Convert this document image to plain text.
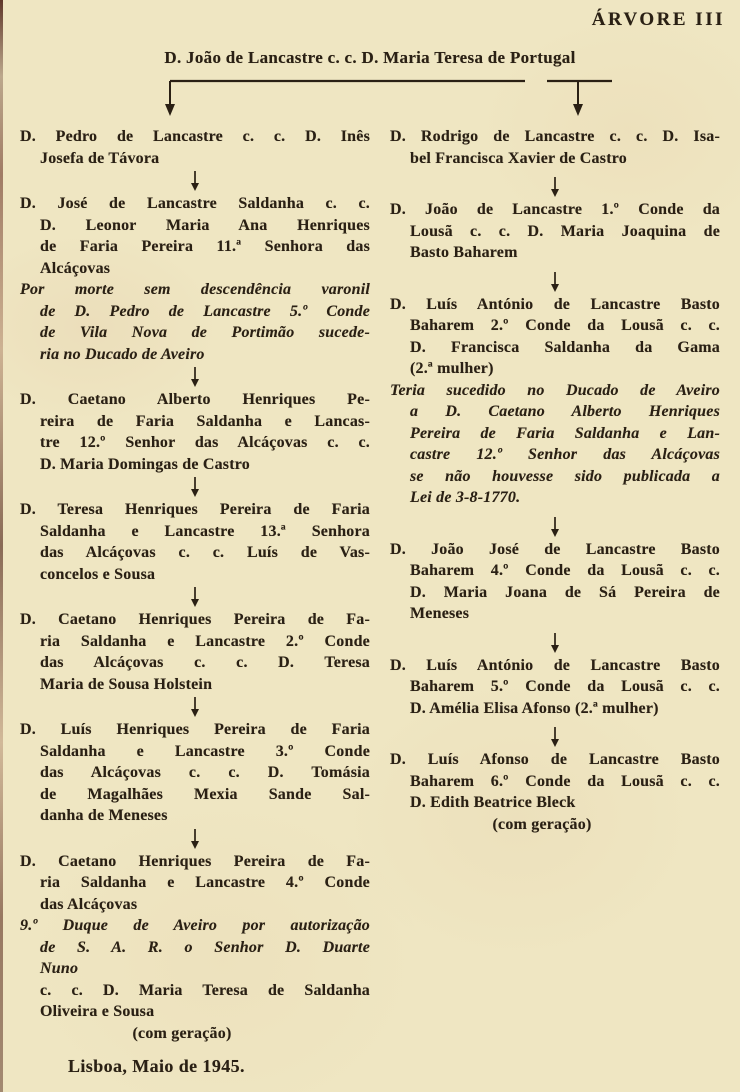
ÁRVORE III
D. João de Lancastre c. c. D. Maria Teresa de Portugal
D. Pedro de Lancastre c. c. D. Inês
Josefa de Távora
D. José de Lancastre Saldanha c. c.
D. Leonor Maria Ana Henriques
de Faria Pereira 11.ª Senhora das
Alcáçovas
Por morte sem descendência varonil
de D. Pedro de Lancastre 5.º Conde
de Vila Nova de Portimão sucede-
ria no Ducado de Aveiro
D. Caetano Alberto Henriques Pe-
reira de Faria Saldanha e Lancas-
tre 12.º Senhor das Alcáçovas c. c.
D. Maria Domingas de Castro
D. Teresa Henriques Pereira de Faria
Saldanha e Lancastre 13.ª Senhora
das Alcáçovas c. c. Luís de Vas-
concelos e Sousa
D. Caetano Henriques Pereira de Fa-
ria Saldanha e Lancastre 2.º Conde
das Alcáçovas c. c. D. Teresa
Maria de Sousa Holstein
D. Luís Henriques Pereira de Faria
Saldanha e Lancastre 3.º Conde
das Alcáçovas c. c. D. Tomásia
de Magalhães Mexia Sande Sal-
danha de Meneses
D. Caetano Henriques Pereira de Fa-
ria Saldanha e Lancastre 4.º Conde
das Alcáçovas
9.º Duque de Aveiro por autorização
de S. A. R. o Senhor D. Duarte
Nuno
c. c. D. Maria Teresa de Saldanha
Oliveira e Sousa
(com geração)
D. Rodrigo de Lancastre c. c. D. Isa-
bel Francisca Xavier de Castro
D. João de Lancastre 1.º Conde da
Lousã c. c. D. Maria Joaquina de
Basto Baharem
D. Luís António de Lancastre Basto
Baharem 2.º Conde da Lousã c. c.
D. Francisca Saldanha da Gama
(2.ª mulher)
Teria sucedido no Ducado de Aveiro
a D. Caetano Alberto Henriques
Pereira de Faria Saldanha e Lan-
castre 12.º Senhor das Alcáçovas
se não houvesse sido publicada a
Lei de 3-8-1770.
D. João José de Lancastre Basto
Baharem 4.º Conde da Lousã c. c.
D. Maria Joana de Sá Pereira de
Meneses
D. Luís António de Lancastre Basto
Baharem 5.º Conde da Lousã c. c.
D. Amélia Elisa Afonso (2.ª mulher)
D. Luís Afonso de Lancastre Basto
Baharem 6.º Conde da Lousã c. c.
D. Edith Beatrice Bleck
(com geração)
Lisboa, Maio de 1945.
